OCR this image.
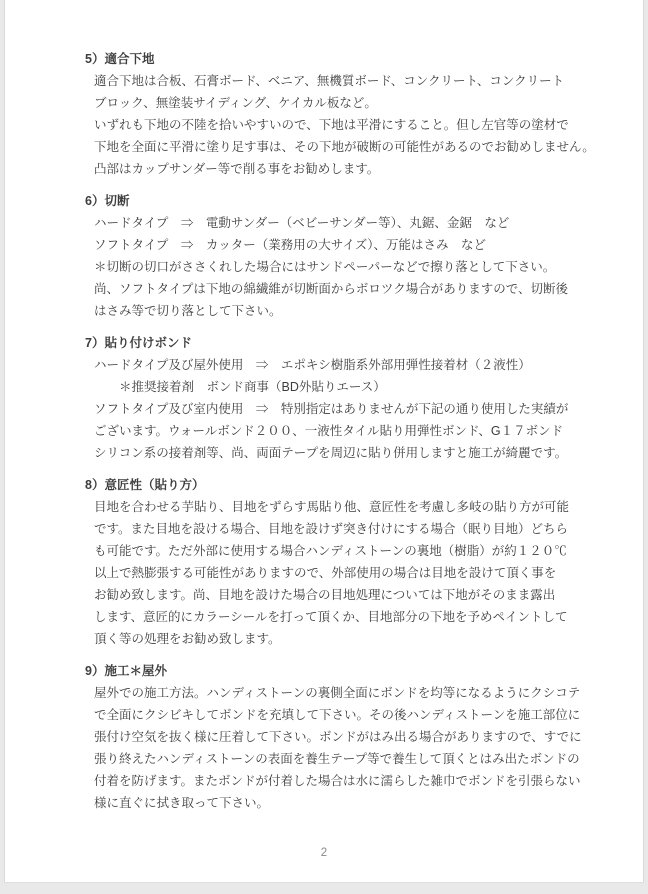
5）適合下地
適合下地は合板、石膏ボード、ベニア、無機質ボード、コンクリート、コンクリート
ブロック、無塗装サイディング、ケイカル板など。
いずれも下地の不陸を拾いやすいので、下地は平滑にすること。但し左官等の塗材で
下地を全面に平滑に塗り足す事は、その下地が破断の可能性があるのでお勧めしません。
凸部はカップサンダー等で削る事をお勧めします。
6）切断
ハードタイプ　⇒　電動サンダー（ベビーサンダー等）、丸鋸、金鋸　など
ソフトタイプ　⇒　カッター（業務用の大サイズ）、万能はさみ　など
＊切断の切口がささくれした場合にはサンドペーパーなどで擦り落として下さい。
尚、ソフトタイプは下地の綿繊維が切断面からボロツク場合がありますので、切断後
はさみ等で切り落として下さい。
7）貼り付けボンド
ハードタイプ及び屋外使用　⇒　エポキシ樹脂系外部用弾性接着材（２液性）
　　＊推奨接着剤　ボンド商事（BD外貼りエース）
ソフトタイプ及び室内使用　⇒　特別指定はありませんが下記の通り使用した実績が
ございます。ウォールボンド２００、一液性タイル貼り用弾性ボンド、G１７ボンド
シリコン系の接着剤等、尚、両面テープを周辺に貼り併用しますと施工が綺麗です。
8）意匠性（貼り方）
目地を合わせる芋貼り、目地をずらす馬貼り他、意匠性を考慮し多岐の貼り方が可能
です。また目地を設ける場合、目地を設けず突き付けにする場合（眠り目地）どちら
も可能です。ただ外部に使用する場合ハンディストーンの裏地（樹脂）が約１２０℃
以上で熱膨張する可能性がありますので、外部使用の場合は目地を設けて頂く事を
お勧め致します。尚、目地を設けた場合の目地処理については下地がそのまま露出
します、意匠的にカラーシールを打って頂くか、目地部分の下地を予めペイントして
頂く等の処理をお勧め致します。
9）施工＊屋外
屋外での施工方法。ハンディストーンの裏側全面にボンドを均等になるようにクシコテ
で全面にクシビキしてボンドを充填して下さい。その後ハンディストーンを施工部位に
張付け空気を抜く様に圧着して下さい。ボンドがはみ出る場合がありますので、すでに
張り終えたハンディストーンの表面を養生テープ等で養生して頂くとはみ出たボンドの
付着を防げます。またボンドが付着した場合は水に濡らした雑巾でボンドを引張らない
様に直ぐに拭き取って下さい。
2
